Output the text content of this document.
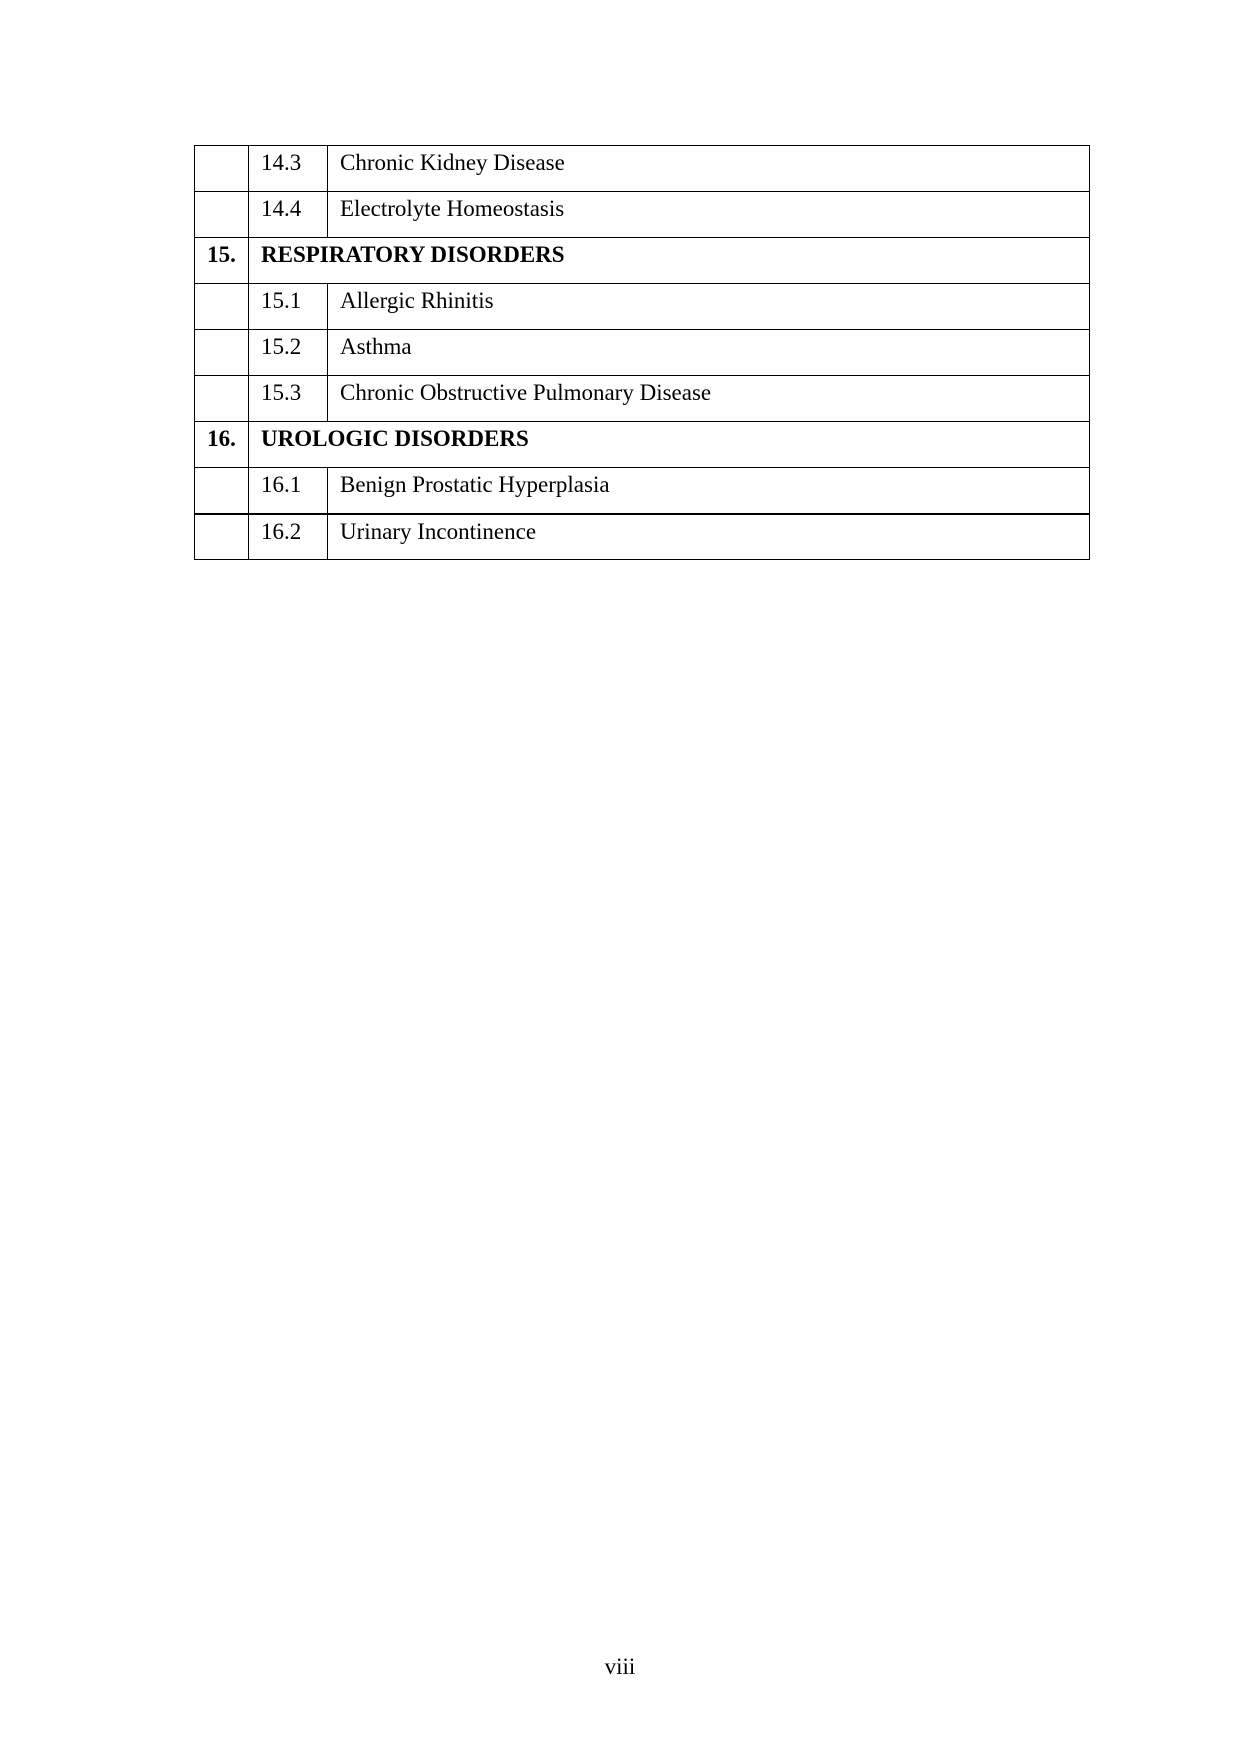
	14.3	Chronic Kidney Disease
	14.4	Electrolyte Homeostasis
15.	RESPIRATORY DISORDERS	
	15.1	Allergic Rhinitis
	15.2	Asthma
	15.3	Chronic Obstructive Pulmonary Disease
16.	UROLOGIC DISORDERS	
	16.1	Benign Prostatic Hyperplasia
	16.2	Urinary Incontinence
viii
